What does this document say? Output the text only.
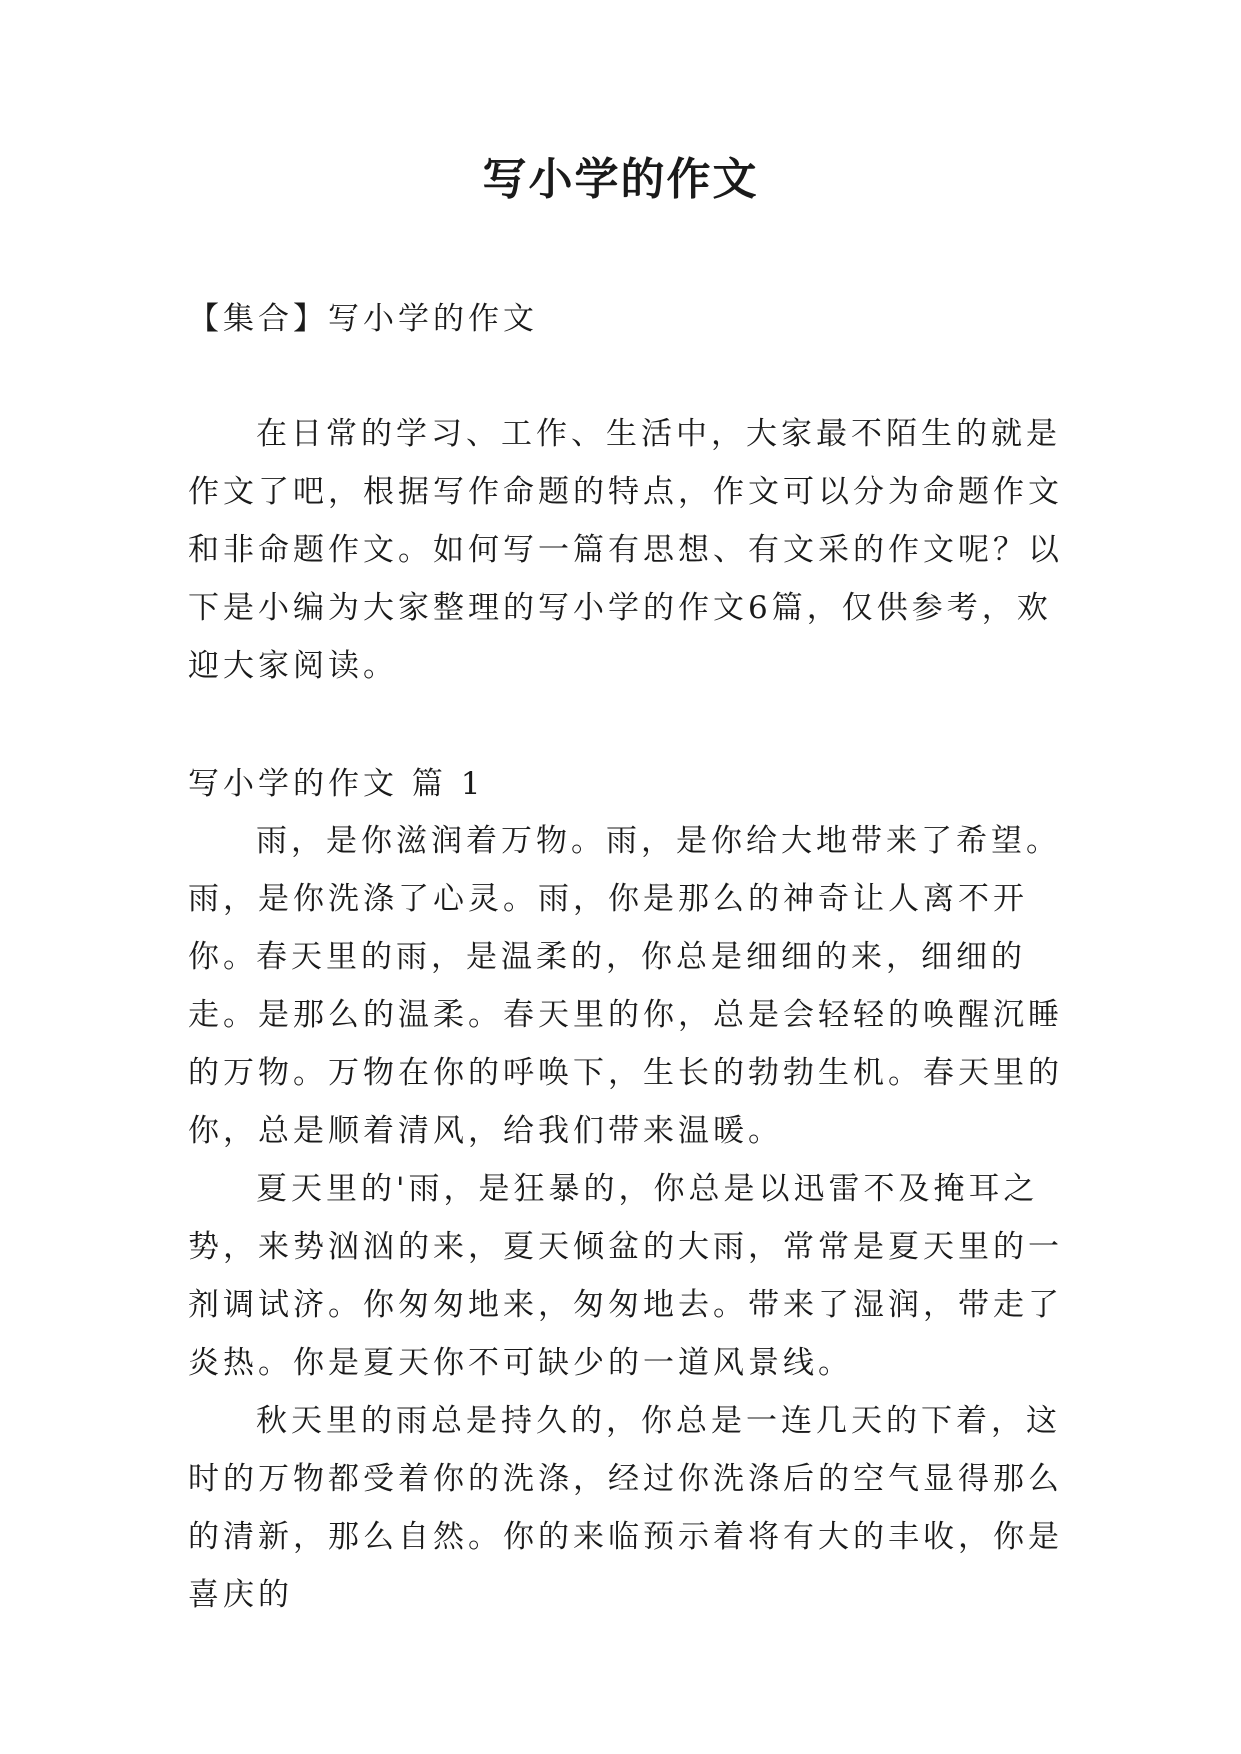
写小学的作文
【集合】写小学的作文

在日常的学习、工作、生活中，大家最不陌生的就是作文了吧，根据写作命题的特点，作文可以分为命题作文和非命题作文。如何写一篇有思想、有文采的作文呢？以下是小编为大家整理的写小学的作文6篇，仅供参考，欢迎大家阅读。

写小学的作文 篇 1

雨，是你滋润着万物。雨，是你给大地带来了希望。雨，是你洗涤了心灵。雨，你是那么的神奇让人离不开你。

春天里的雨，是温柔的，你总是细细的来，细细的走。是那么的温柔。春天里的你，总是会轻轻的唤醒沉睡的万物。万物在你的呼唤下，生长的勃勃生机。春天里的你，总是顺着清风，给我们带来温暖。

夏天里的'雨，是狂暴的，你总是以迅雷不及掩耳之势，来势汹汹的来，夏天倾盆的大雨，常常是夏天里的一剂调试济。你匆匆地来，匆匆地去。带来了湿润，带走了炎热。你是夏天你不可缺少的一道风景线。

秋天里的雨总是持久的，你总是一连几天的下着，这时的万物都受着你的洗涤，经过你洗涤后的空气显得那么的清新，那么自然。你的来临预示着将有大的丰收，你是喜庆的
